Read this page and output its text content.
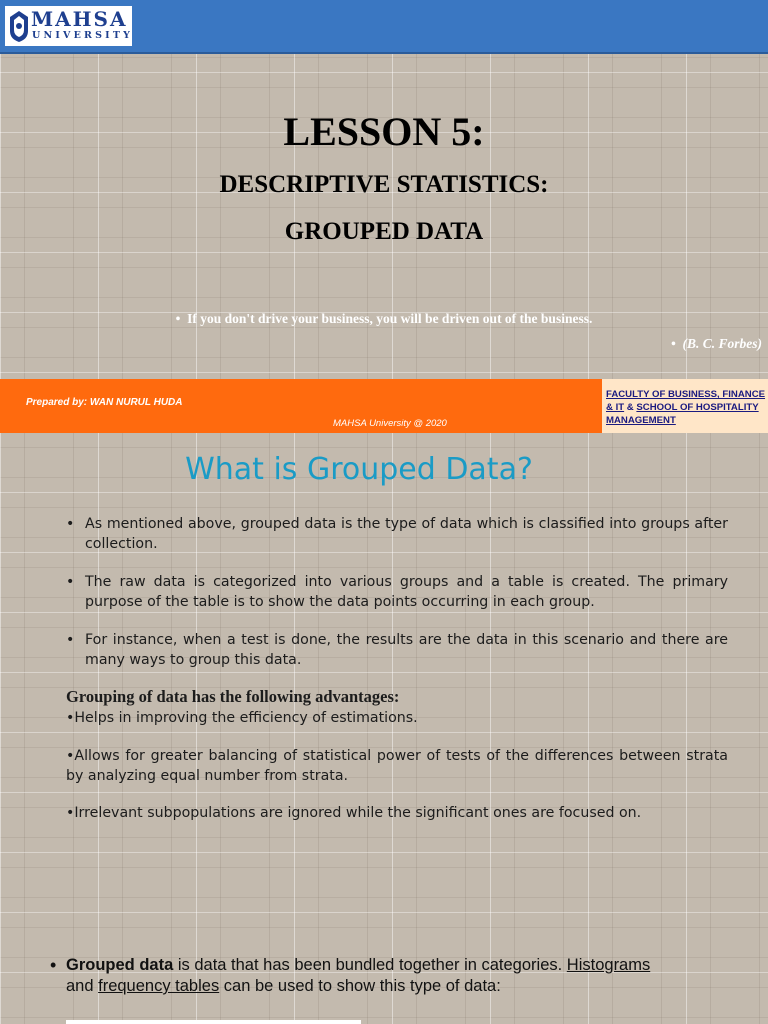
MAHSA
UNIVERSITY
LESSON 5:
DESCRIPTIVE STATISTICS:
GROUPED DATA
• If you don't drive your business, you will be driven out of the business.
• (B. C. Forbes)
Prepared by: WAN NURUL HUDA
MAHSA University @ 2020
FACULTY OF BUSINESS, FINANCE & IT & SCHOOL OF HOSPITALITY MANAGEMENT
What is Grouped Data?
• As mentioned above, grouped data is the type of data which is classified into groups after collection.
• The raw data is categorized into various groups and a table is created. The primary purpose of the table is to show the data points occurring in each group.
• For instance, when a test is done, the results are the data in this scenario and there are many ways to group this data.
Grouping of data has the following advantages:
•Helps in improving the efficiency of estimations.
•Allows for greater balancing of statistical power of tests of the differences between strata by analyzing equal number from strata.
•Irrelevant subpopulations are ignored while the significant ones are focused on.
• Grouped data is data that has been bundled together in categories. Histograms and frequency tables can be used to show this type of data:
